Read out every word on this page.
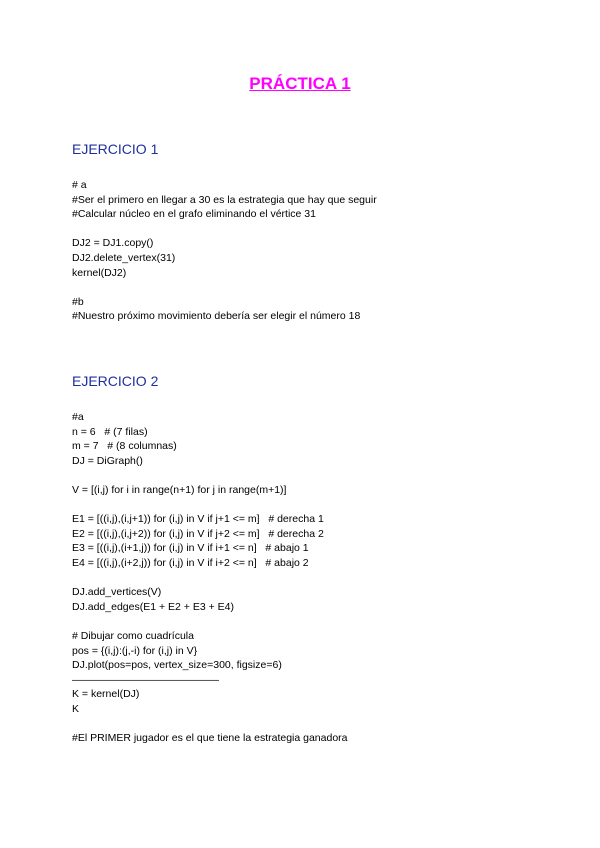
PRÁCTICA 1
EJERCICIO 1
# a
#Ser el primero en llegar a 30 es la estrategia que hay que seguir
#Calcular núcleo en el grafo eliminando el vértice 31
DJ2 = DJ1.copy()
DJ2.delete_vertex(31)
kernel(DJ2)
#b
#Nuestro próximo movimiento debería ser elegir el número 18
EJERCICIO 2
#a
n = 6   # (7 filas)
m = 7   # (8 columnas)
DJ = DiGraph()
V = [(i,j) for i in range(n+1) for j in range(m+1)]
E1 = [((i,j),(i,j+1)) for (i,j) in V if j+1 <= m]   # derecha 1
E2 = [((i,j),(i,j+2)) for (i,j) in V if j+2 <= m]   # derecha 2
E3 = [((i,j),(i+1,j)) for (i,j) in V if i+1 <= n]   # abajo 1
E4 = [((i,j),(i+2,j)) for (i,j) in V if i+2 <= n]   # abajo 2
DJ.add_vertices(V)
DJ.add_edges(E1 + E2 + E3 + E4)
# Dibujar como cuadrícula
pos = {(i,j):(j,-i) for (i,j) in V}
DJ.plot(pos=pos, vertex_size=300, figsize=6)
——————————————
K = kernel(DJ)
K
#El PRIMER jugador es el que tiene la estrategia ganadora
